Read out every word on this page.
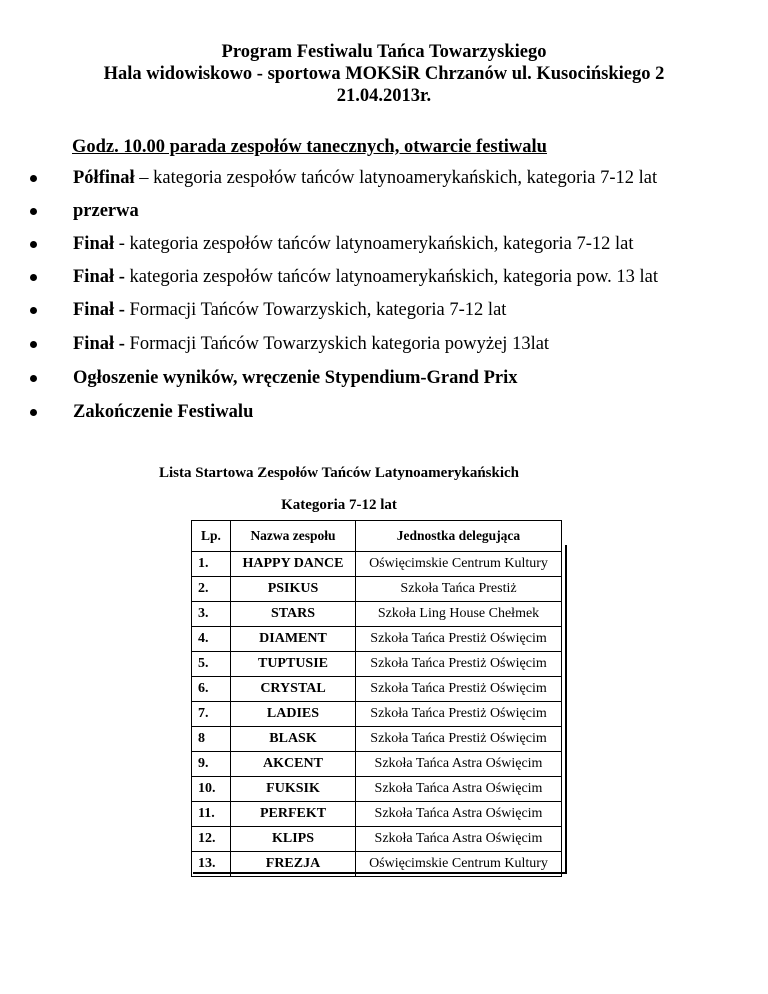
Program Festiwalu Tańca Towarzyskiego
Hala widowiskowo - sportowa MOKSiR Chrzanów ul. Kusocińskiego 2
21.04.2013r.
Godz. 10.00 parada zespołów tanecznych, otwarcie festiwalu
Półfinał – kategoria zespołów tańców latynoamerykańskich, kategoria 7-12 lat
przerwa
Finał - kategoria zespołów tańców latynoamerykańskich, kategoria 7-12 lat
Finał - kategoria zespołów tańców latynoamerykańskich, kategoria pow. 13 lat
Finał - Formacji Tańców Towarzyskich, kategoria 7-12 lat
Finał - Formacji Tańców Towarzyskich kategoria powyżej 13lat
Ogłoszenie wyników, wręczenie Stypendium-Grand Prix
Zakończenie Festiwalu
Lista Startowa Zespołów Tańców Latynoamerykańskich
Kategoria 7-12 lat
Lp.	Nazwa zespołu	Jednostka delegująca
1.	HAPPY DANCE	Oświęcimskie Centrum Kultury
2.	PSIKUS	Szkoła Tańca Prestiż
3.	STARS	Szkoła Ling House Chełmek
4.	DIAMENT	Szkoła Tańca Prestiż Oświęcim
5.	TUPTUSIE	Szkoła Tańca Prestiż Oświęcim
6.	CRYSTAL	Szkoła Tańca Prestiż Oświęcim
7.	LADIES	Szkoła Tańca Prestiż Oświęcim
8	BLASK	Szkoła Tańca Prestiż Oświęcim
9.	AKCENT	Szkoła Tańca Astra Oświęcim
10.	FUKSIK	Szkoła Tańca Astra Oświęcim
11.	PERFEKT	Szkoła Tańca Astra Oświęcim
12.	KLIPS	Szkoła Tańca Astra Oświęcim
13.	FREZJA	Oświęcimskie Centrum Kultury
